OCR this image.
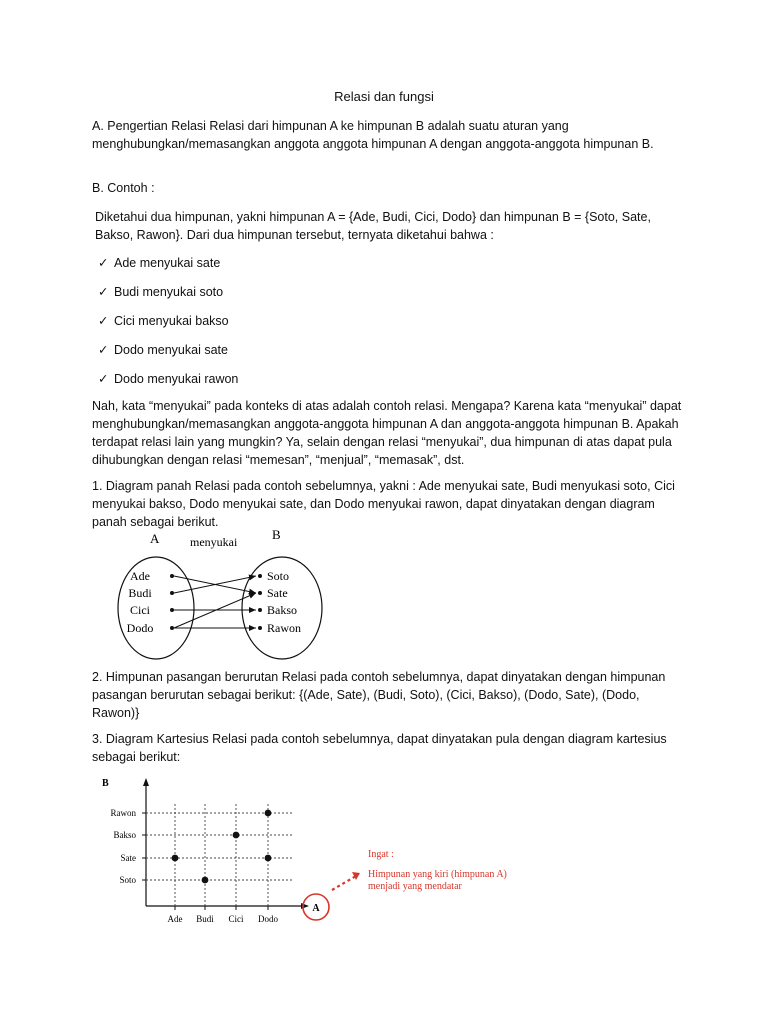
Relasi dan fungsi

A. Pengertian Relasi Relasi dari himpunan A ke himpunan B adalah suatu aturan yang menghubungkan/memasangkan anggota anggota himpunan A dengan anggota-anggota himpunan B.

B. Contoh :

Diketahui dua himpunan, yakni himpunan A = {Ade, Budi, Cici, Dodo} dan himpunan B = {Soto, Sate, Bakso, Rawon}. Dari dua himpunan tersebut, ternyata diketahui bahwa :

✓ Ade menyukai sate
✓ Budi menyukai soto
✓ Cici menyukai bakso
✓ Dodo menyukai sate
✓ Dodo menyukai rawon

Nah, kata “menyukai” pada konteks di atas adalah contoh relasi. Mengapa? Karena kata “menyukai” dapat menghubungkan/memasangkan anggota-anggota himpunan A dan anggota-anggota himpunan B. Apakah terdapat relasi lain yang mungkin? Ya, selain dengan relasi “menyukai”, dua himpunan di atas dapat pula dihubungkan dengan relasi “memesan”, “menjual”, “memasak”, dst.

1. Diagram panah Relasi pada contoh sebelumnya, yakni : Ade menyukai sate, Budi menyukasi soto, Cici menyukai bakso, Dodo menyukai sate, dan Dodo menyukai rawon, dapat dinyatakan dengan diagram panah sebagai berikut.

A	B
menyukai
Ade
Budi
Cici
Dodo
Soto
Sate
Bakso
Rawon

2. Himpunan pasangan berurutan Relasi pada contoh sebelumnya, dapat dinyatakan dengan himpunan pasangan berurutan sebagai berikut: {(Ade, Sate), (Budi, Soto), (Cici, Bakso), (Dodo, Sate), (Dodo, Rawon)}

3. Diagram Kartesius Relasi pada contoh sebelumnya, dapat dinyatakan pula dengan diagram kartesius sebagai berikut:

B
A
Ade Budi Cici Dodo
Soto
Sate
Bakso
Rawon
Ingat :
Himpunan yang kiri (himpunan A)
menjadi yang mendatar
